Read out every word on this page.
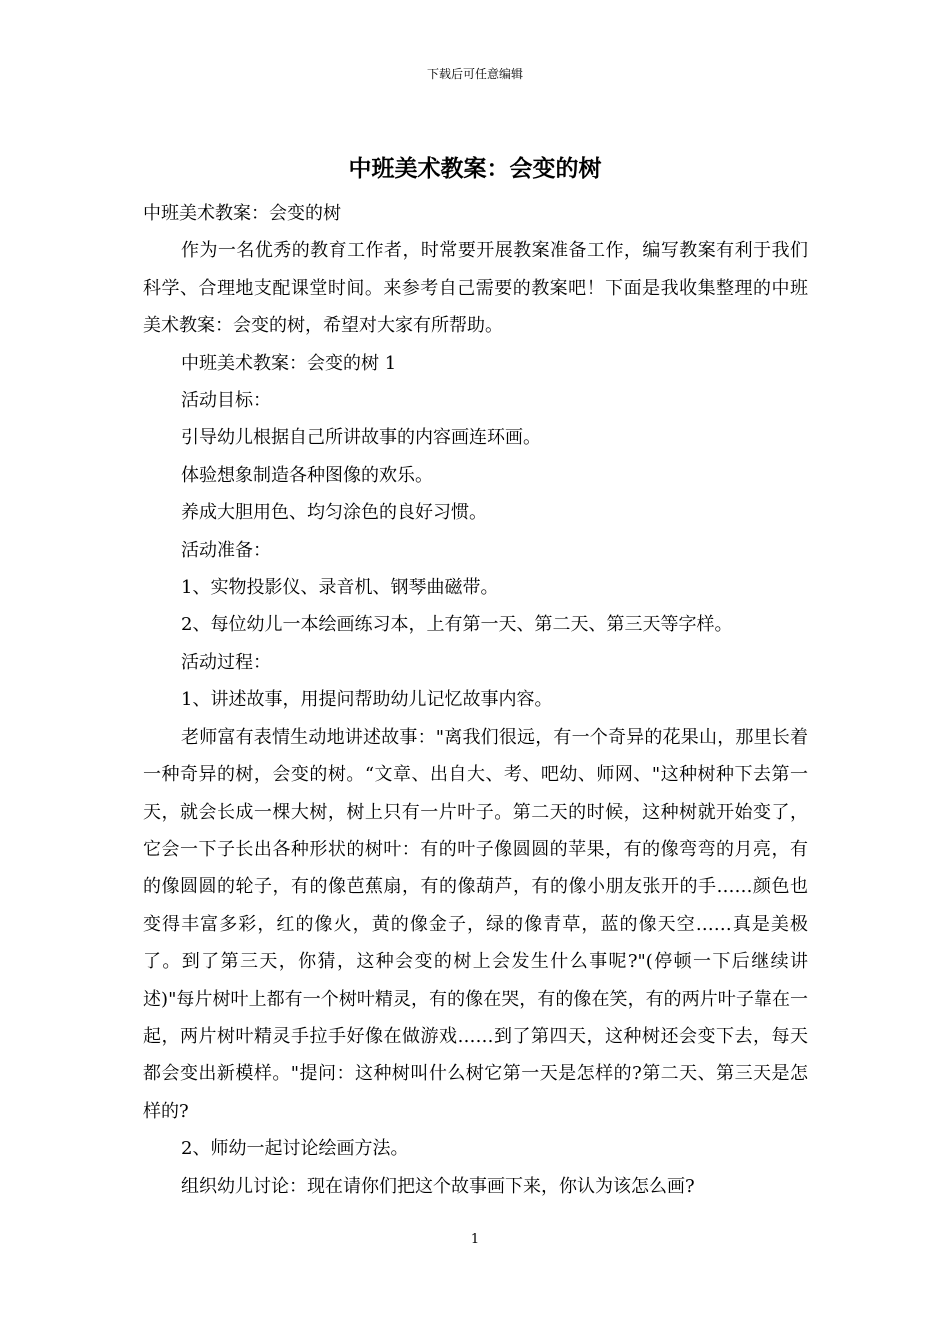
下载后可任意编辑
中班美术教案：会变的树

中班美术教案：会变的树

作为一名优秀的教育工作者，时常要开展教案准备工作，编写教案有利于我们科学、合理地支配课堂时间。来参考自己需要的教案吧！下面是我收集整理的中班美术教案：会变的树，希望对大家有所帮助。

中班美术教案：会变的树 1

活动目标：

引导幼儿根据自己所讲故事的内容画连环画。

体验想象制造各种图像的欢乐。

养成大胆用色、均匀涂色的良好习惯。

活动准备：

1、实物投影仪、录音机、钢琴曲磁带。

2、每位幼儿一本绘画练习本，上有第一天、第二天、第三天等字样。

活动过程：

1、讲述故事，用提问帮助幼儿记忆故事内容。

老师富有表情生动地讲述故事："离我们很远，有一个奇异的花果山，那里长着一种奇异的树，会变的树。“文章、出自大、考、吧幼、师网、"这种树种下去第一天，就会长成一棵大树，树上只有一片叶子。第二天的时候，这种树就开始变了，它会一下子长出各种形状的树叶：有的叶子像圆圆的苹果，有的像弯弯的月亮，有的像圆圆的轮子，有的像芭蕉扇，有的像葫芦，有的像小朋友张开的手……颜色也变得丰富多彩，红的像火，黄的像金子，绿的像青草，蓝的像天空……真是美极了。到了第三天，你猜，这种会变的树上会发生什么事呢?"(停顿一下后继续讲述)"每片树叶上都有一个树叶精灵，有的像在哭，有的像在笑，有的两片叶子靠在一起，两片树叶精灵手拉手好像在做游戏……到了第四天，这种树还会变下去，每天都会变出新模样。"提问：这种树叫什么树它第一天是怎样的?第二天、第三天是怎样的?

2、师幼一起讨论绘画方法。

组织幼儿讨论：现在请你们把这个故事画下来，你认为该怎么画?

1
